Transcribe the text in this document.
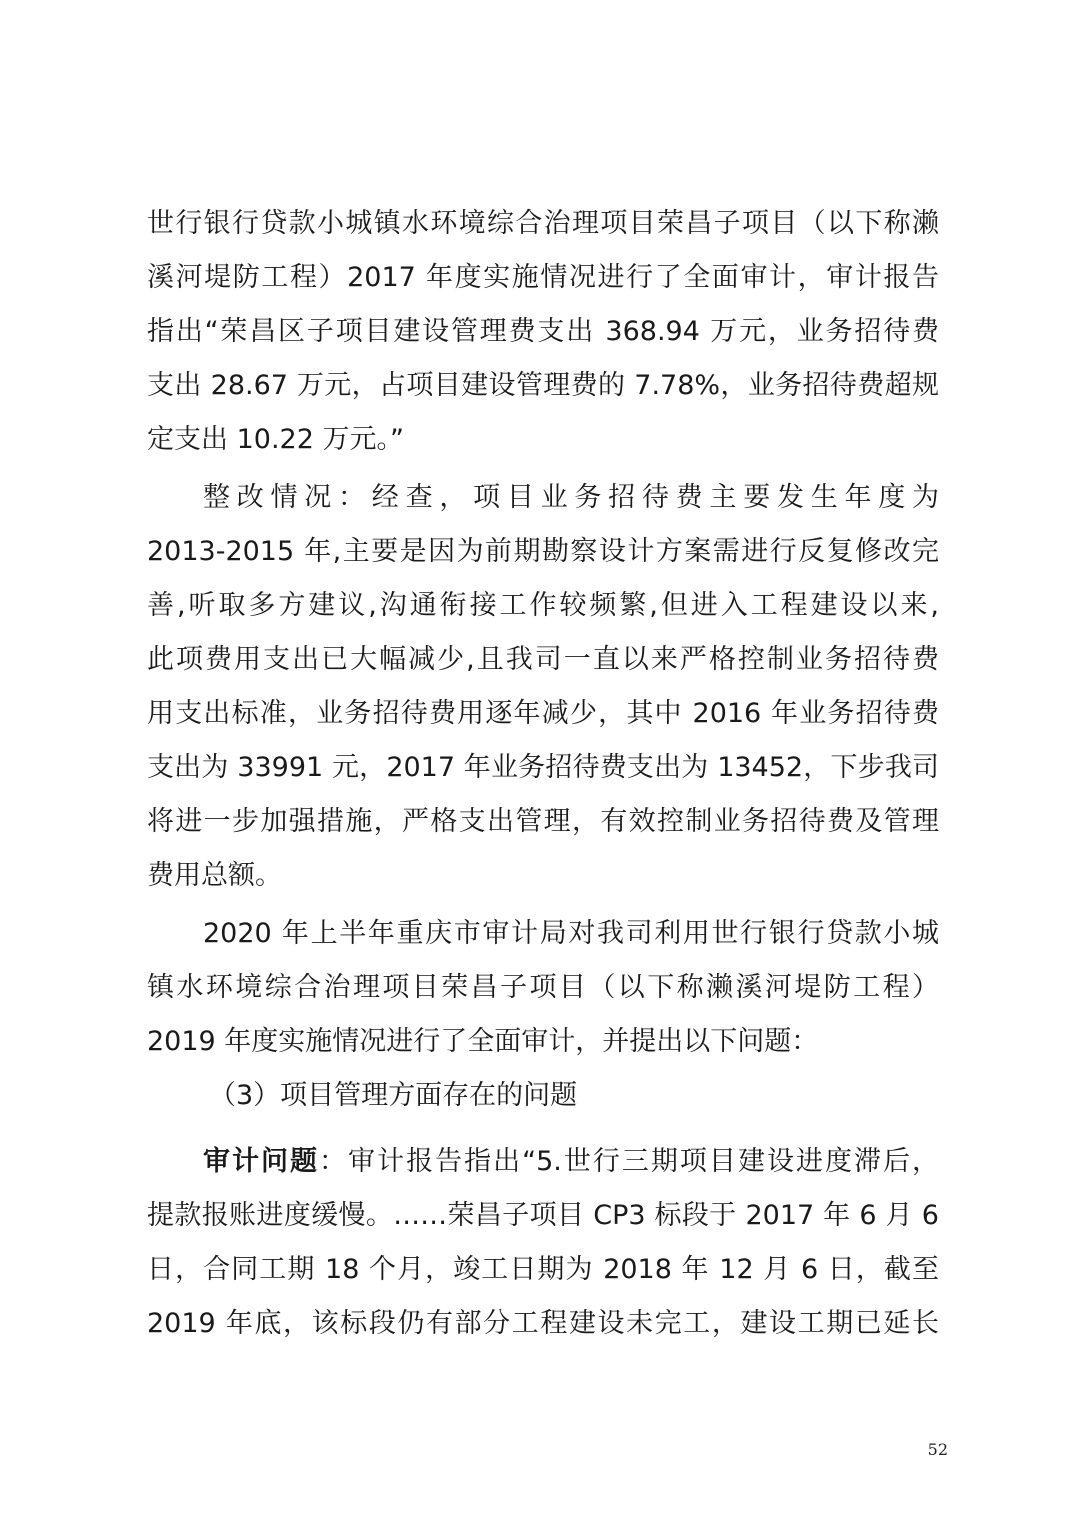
世行银行贷款小城镇水环境综合治理项目荣昌子项目（以下称濑
溪河堤防工程）2017 年度实施情况进行了全面审计，审计报告
指出“荣昌区子项目建设管理费支出 368.94 万元，业务招待费
支出 28.67 万元，占项目建设管理费的 7.78%，业务招待费超规
定支出 10.22 万元。”
整改情况：经查，项目业务招待费主要发生年度为
2013-2015 年,主要是因为前期勘察设计方案需进行反复修改完
善,听取多方建议,沟通衔接工作较频繁,但进入工程建设以来,
此项费用支出已大幅减少,且我司一直以来严格控制业务招待费
用支出标准，业务招待费用逐年减少，其中 2016 年业务招待费
支出为 33991 元，2017 年业务招待费支出为 13452，下步我司
将进一步加强措施，严格支出管理，有效控制业务招待费及管理
费用总额。
2020 年上半年重庆市审计局对我司利用世行银行贷款小城
镇水环境综合治理项目荣昌子项目（以下称濑溪河堤防工程）
2019 年度实施情况进行了全面审计，并提出以下问题：
（3）项目管理方面存在的问题
审计问题：审计报告指出“5.世行三期项目建设进度滞后，
提款报账进度缓慢。……荣昌子项目 CP3 标段于 2017 年 6 月 6
日，合同工期 18 个月，竣工日期为 2018 年 12 月 6 日，截至
2019 年底，该标段仍有部分工程建设未完工，建设工期已延长
52
